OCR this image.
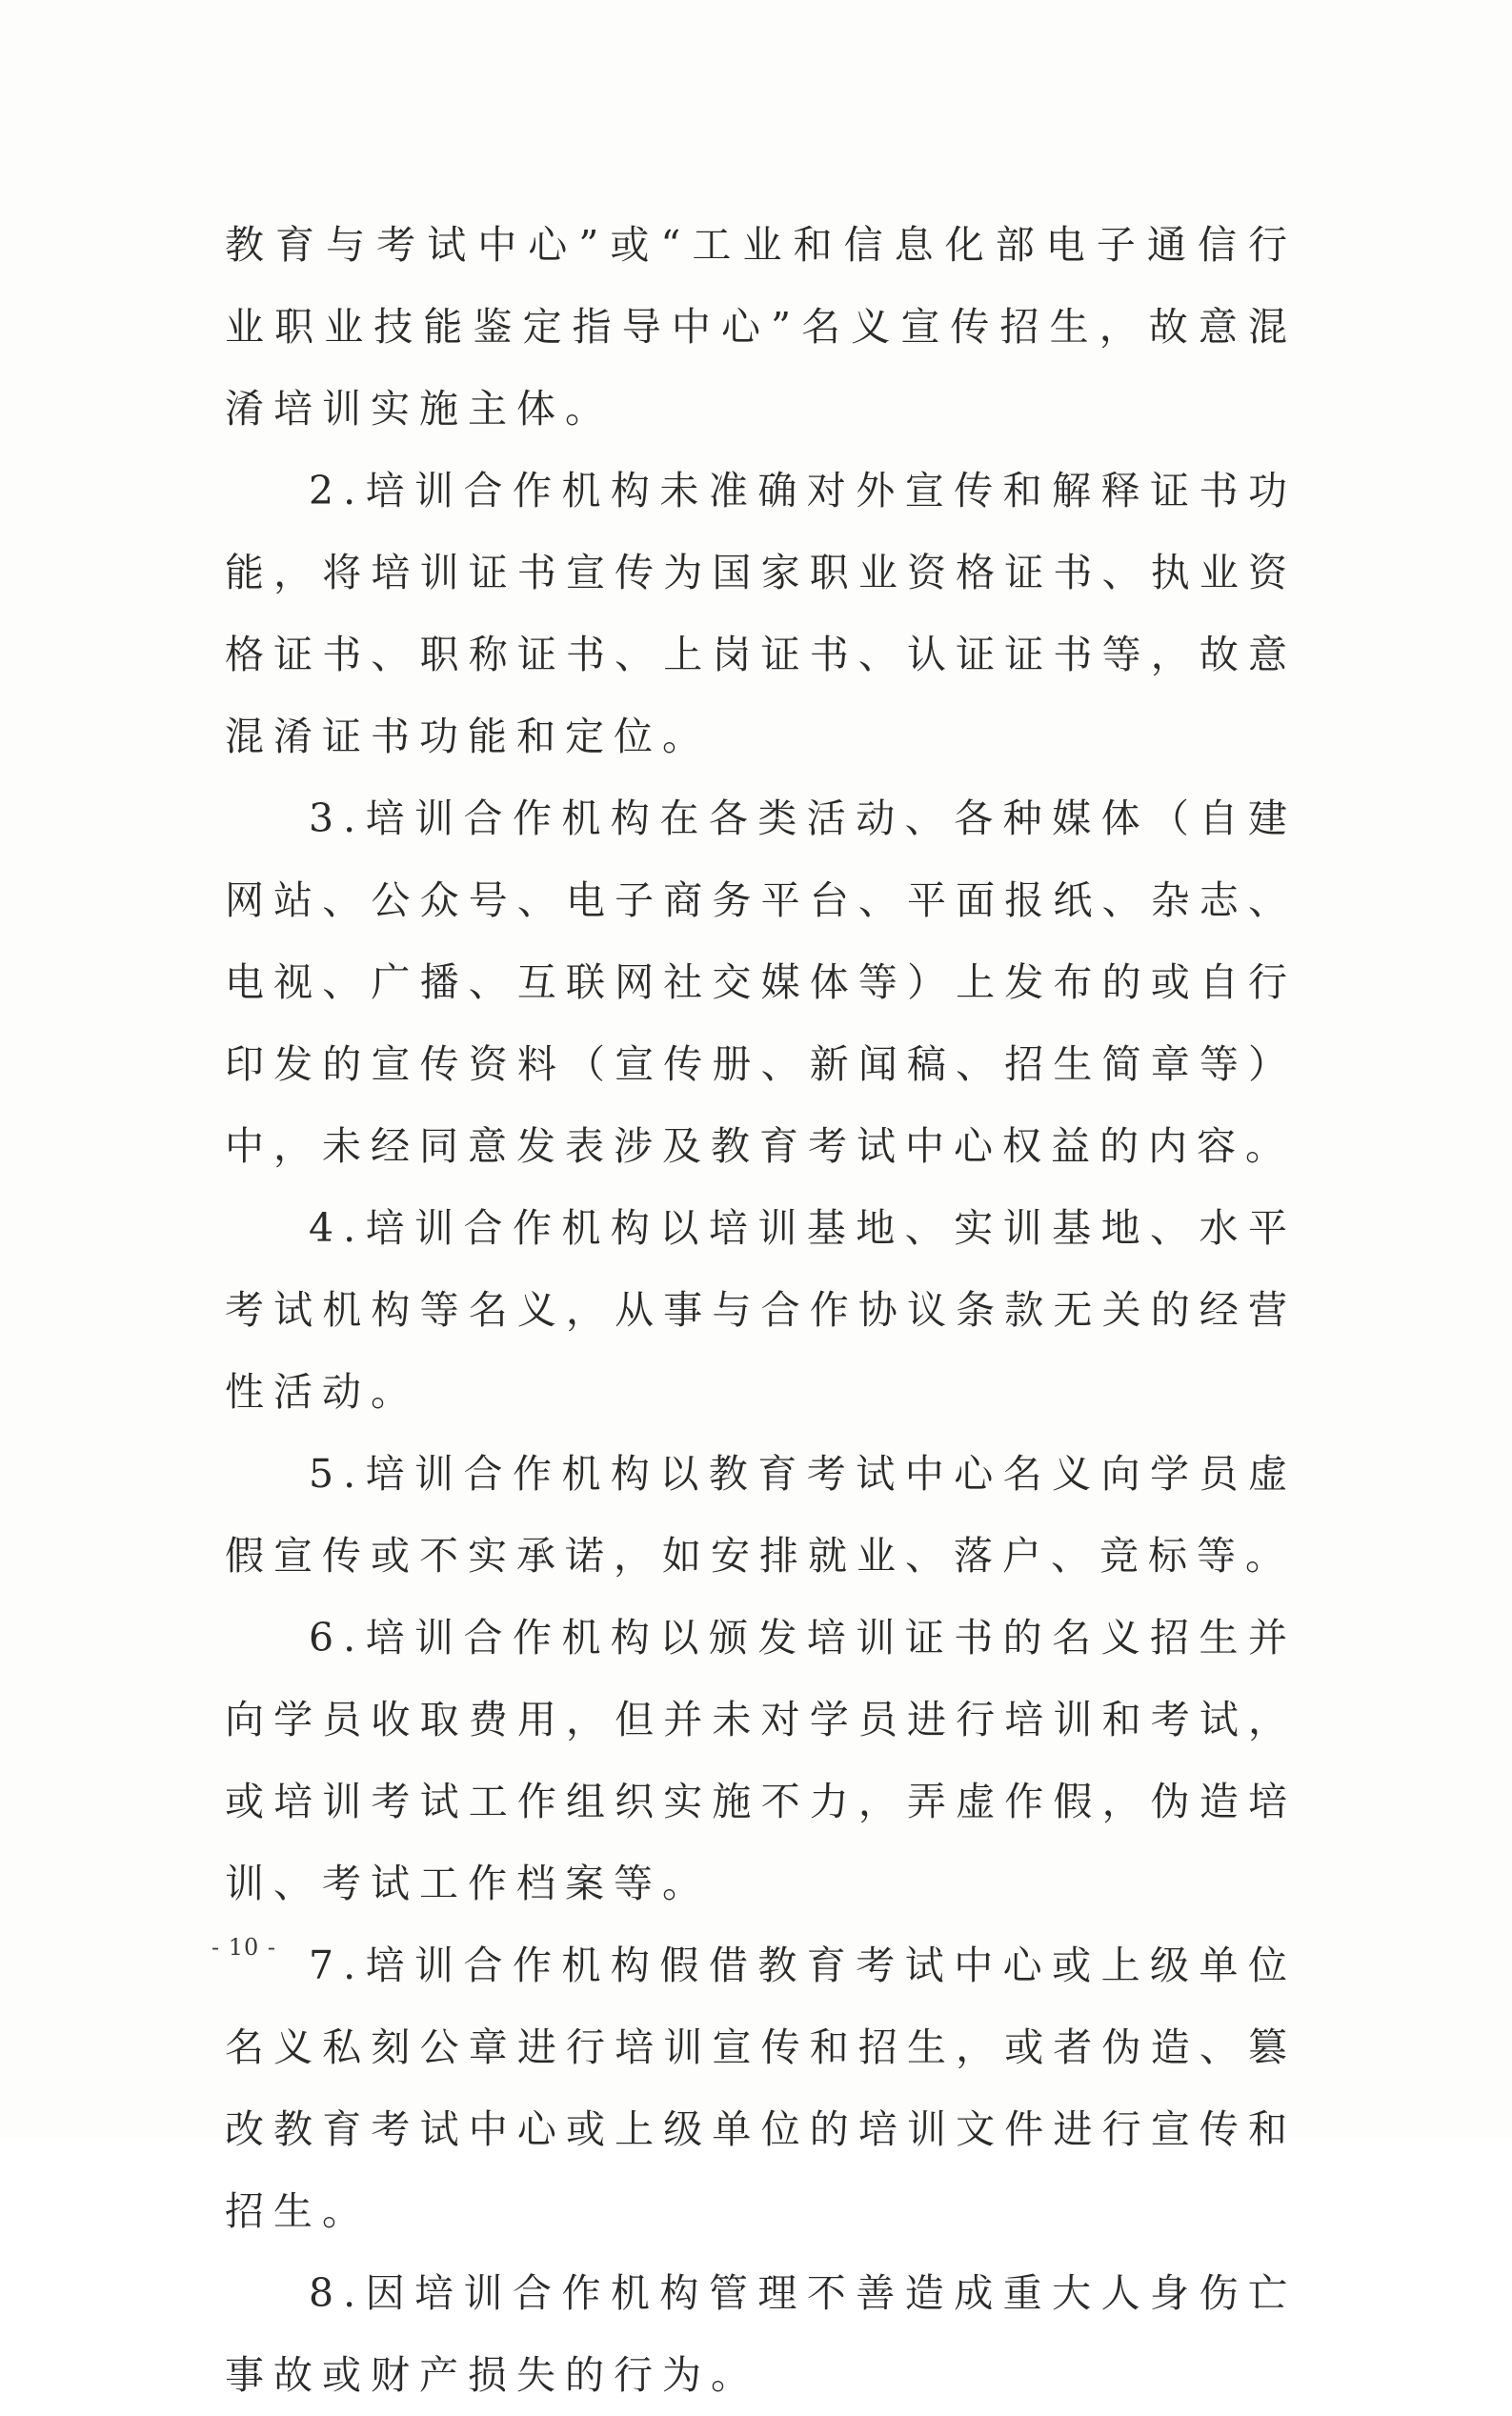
教育与考试中心”或“工业和信息化部电子通信行业职业技能鉴定指导中心”名义宣传招生，故意混淆培训实施主体。

2.培训合作机构未准确对外宣传和解释证书功能，将培训证书宣传为国家职业资格证书、执业资格证书、职称证书、上岗证书、认证证书等，故意混淆证书功能和定位。

3.培训合作机构在各类活动、各种媒体（自建网站、公众号、电子商务平台、平面报纸、杂志、电视、广播、互联网社交媒体等）上发布的或自行印发的宣传资料（宣传册、新闻稿、招生简章等）中，未经同意发表涉及教育考试中心权益的内容。

4.培训合作机构以培训基地、实训基地、水平考试机构等名义，从事与合作协议条款无关的经营性活动。

5.培训合作机构以教育考试中心名义向学员虚假宣传或不实承诺，如安排就业、落户、竞标等。

6.培训合作机构以颁发培训证书的名义招生并向学员收取费用，但并未对学员进行培训和考试，或培训考试工作组织实施不力，弄虚作假，伪造培训、考试工作档案等。

7.培训合作机构假借教育考试中心或上级单位名义私刻公章进行培训宣传和招生，或者伪造、篡改教育考试中心或上级单位的培训文件进行宣传和招生。

8.因培训合作机构管理不善造成重大人身伤亡事故或财产损失的行为。

- 10 -
